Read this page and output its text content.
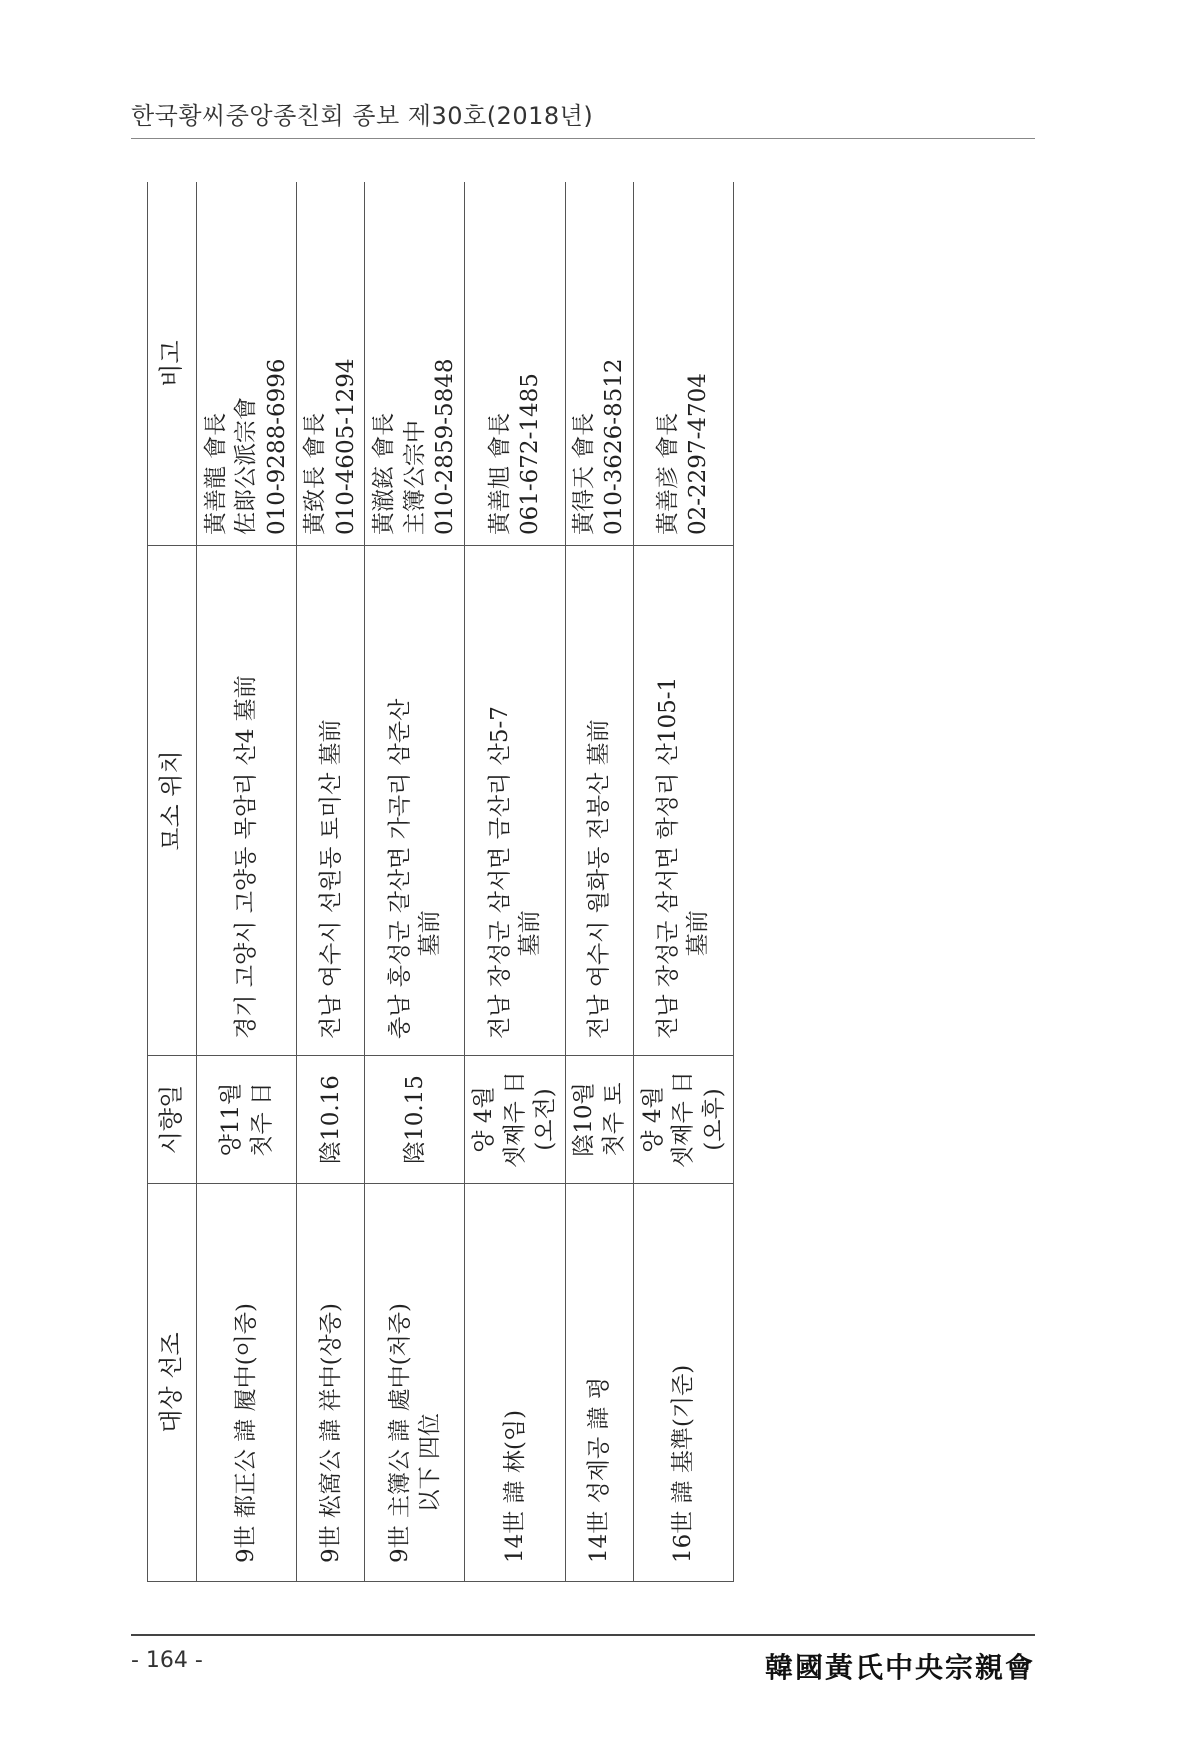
한국황씨중앙종친회 종보 제30호(2018년)
대상 선조	시향일	묘소 위치	비고

9世 都正公 諱 履中(이중)	양11월 첫주 日	경기 고양시 고양동 목암리 산4 墓前	黃善龍 會長 佐郞公派宗會 010-9288-6996

9世 松窩公 諱 祥中(상중)	陰10.16	전남 여수시 선원동 토미산 墓前	黃致長 會長 010-4605-1294

9世 主簿公 諱 處中(처중) 以下 四位	陰10.15	충남 홍성군 갈산면 가곡리 삼준산 墓前	黃澈鉉 會長 主簿公宗中 010-2859-5848

14世 諱 林(임)	양 4월 셋째주 日 (오전)	전남 장성군 삼서면 금산리 산5-7 墓前	黃善旭 會長 061-672-1485

14世 성제공 諱 평	陰10월 첫주 토	전남 여수시 월화동 전봉산 墓前	黃得天 會長 010-3626-8512

16世 諱 基準(기준)	양 4월 셋째주 日 (오후)	전남 장성군 삼서면 학성리 산105-1 墓前	黃善彦 會長 02-2297-4704
- 164 -	韓國黃氏中央宗親會
